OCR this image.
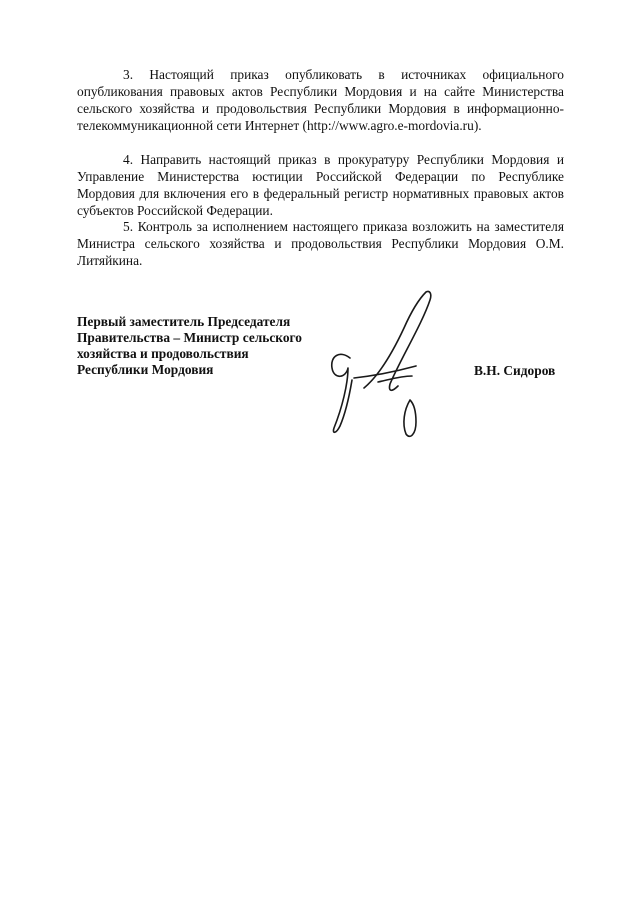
3. Настоящий приказ опубликовать в источниках официального опубликования правовых актов Республики Мордовия и на сайте Министерства сельского хозяйства и продовольствия Республики Мордовия в информационно-телекоммуникационной сети Интернет (http://www.agro.e-mordovia.ru).

4. Направить настоящий приказ в прокуратуру Республики Мордовия и Управление Министерства юстиции Российской Федерации по Республике Мордовия для включения его в федеральный регистр нормативных правовых актов субъектов Российской Федерации.

5. Контроль за исполнением настоящего приказа возложить на заместителя Министра сельского хозяйства и продовольствия Республики Мордовия О.М. Литяйкина.

Первый заместитель Председателя
Правительства – Министр сельского
хозяйства и продовольствия
Республики Мордовия	В.Н. Сидоров
